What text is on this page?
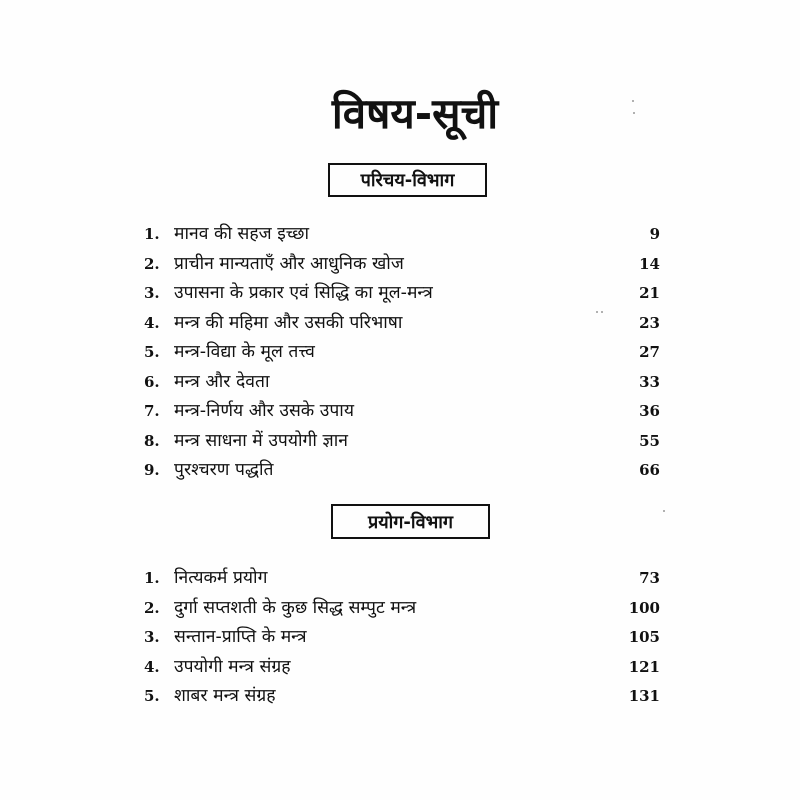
विषय-सूची
परिचय-विभाग
1. मानव की सहज इच्छा	9
2. प्राचीन मान्यताएँ और आधुनिक खोज	14
3. उपासना के प्रकार एवं सिद्धि का मूल-मन्त्र	21
4. मन्त्र की महिमा और उसकी परिभाषा	23
5. मन्त्र-विद्या के मूल तत्त्व	27
6. मन्त्र और देवता	33
7. मन्त्र-निर्णय और उसके उपाय	36
8. मन्त्र साधना में उपयोगी ज्ञान	55
9. पुरश्चरण पद्धति	66
प्रयोग-विभाग
1. नित्यकर्म प्रयोग	73
2. दुर्गा सप्तशती के कुछ सिद्ध सम्पुट मन्त्र	100
3. सन्तान-प्राप्ति के मन्त्र	105
4. उपयोगी मन्त्र संग्रह	121
5. शाबर मन्त्र संग्रह	131
